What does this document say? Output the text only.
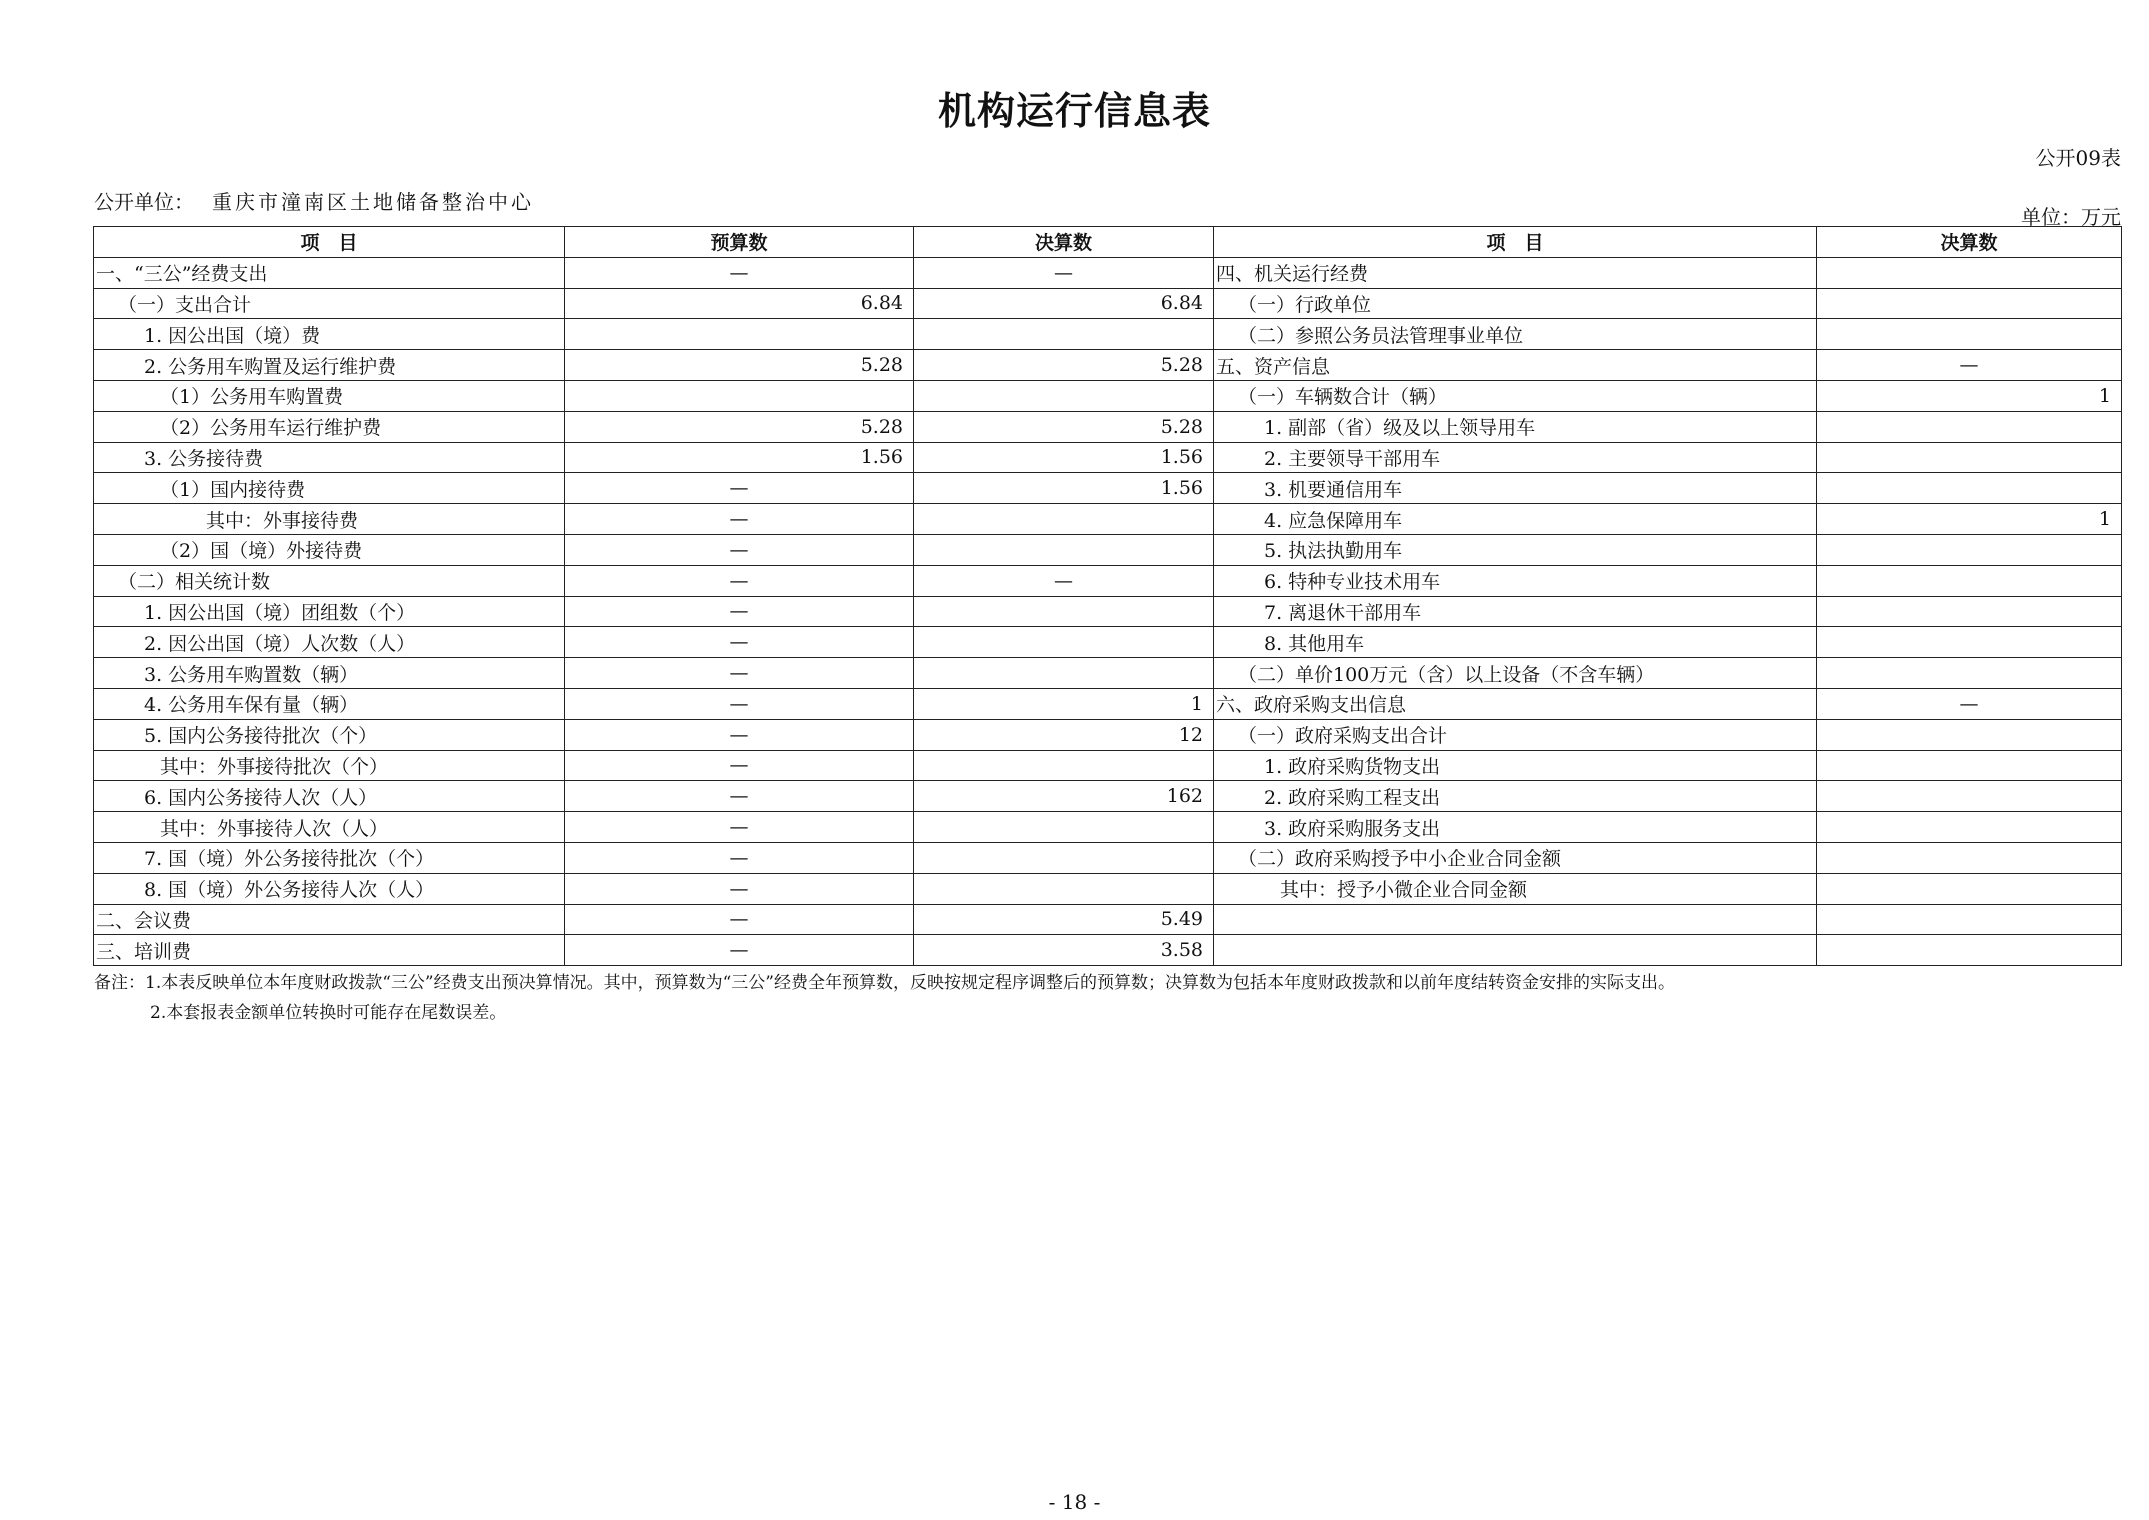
机构运行信息表
公开09表
公开单位： 重庆市潼南区土地储备整治中心
单位：万元
项　目	预算数	决算数	项　目	决算数
一、“三公”经费支出	—	—	四、机关运行经费	
（一）支出合计	6.84	6.84	（一）行政单位	
1. 因公出国（境）费			（二）参照公务员法管理事业单位	
2. 公务用车购置及运行维护费	5.28	5.28	五、资产信息	—
（1）公务用车购置费			（一）车辆数合计（辆）	1
（2）公务用车运行维护费	5.28	5.28	1. 副部（省）级及以上领导用车	
3. 公务接待费	1.56	1.56	2. 主要领导干部用车	
（1）国内接待费	—	1.56	3. 机要通信用车	
其中：外事接待费	—		4. 应急保障用车	1
（2）国（境）外接待费	—		5. 执法执勤用车	
（二）相关统计数	—	—	6. 特种专业技术用车	
1. 因公出国（境）团组数（个）	—		7. 离退休干部用车	
2. 因公出国（境）人次数（人）	—		8. 其他用车	
3. 公务用车购置数（辆）	—		（二）单价100万元（含）以上设备（不含车辆）	
4. 公务用车保有量（辆）	—	1	六、政府采购支出信息	—
5. 国内公务接待批次（个）	—	12	（一）政府采购支出合计	
其中：外事接待批次（个）	—		1. 政府采购货物支出	
6. 国内公务接待人次（人）	—	162	2. 政府采购工程支出	
其中：外事接待人次（人）	—		3. 政府采购服务支出	
7. 国（境）外公务接待批次（个）	—		（二）政府采购授予中小企业合同金额	
8. 国（境）外公务接待人次（人）	—		其中：授予小微企业合同金额	
二、会议费	—	5.49		
三、培训费	—	3.58		
备注：1.本表反映单位本年度财政拨款“三公”经费支出预决算情况。其中，预算数为“三公”经费全年预算数，反映按规定程序调整后的预算数；决算数为包括本年度财政拨款和以前年度结转资金安排的实际支出。
2.本套报表金额单位转换时可能存在尾数误差。
- 18 -
